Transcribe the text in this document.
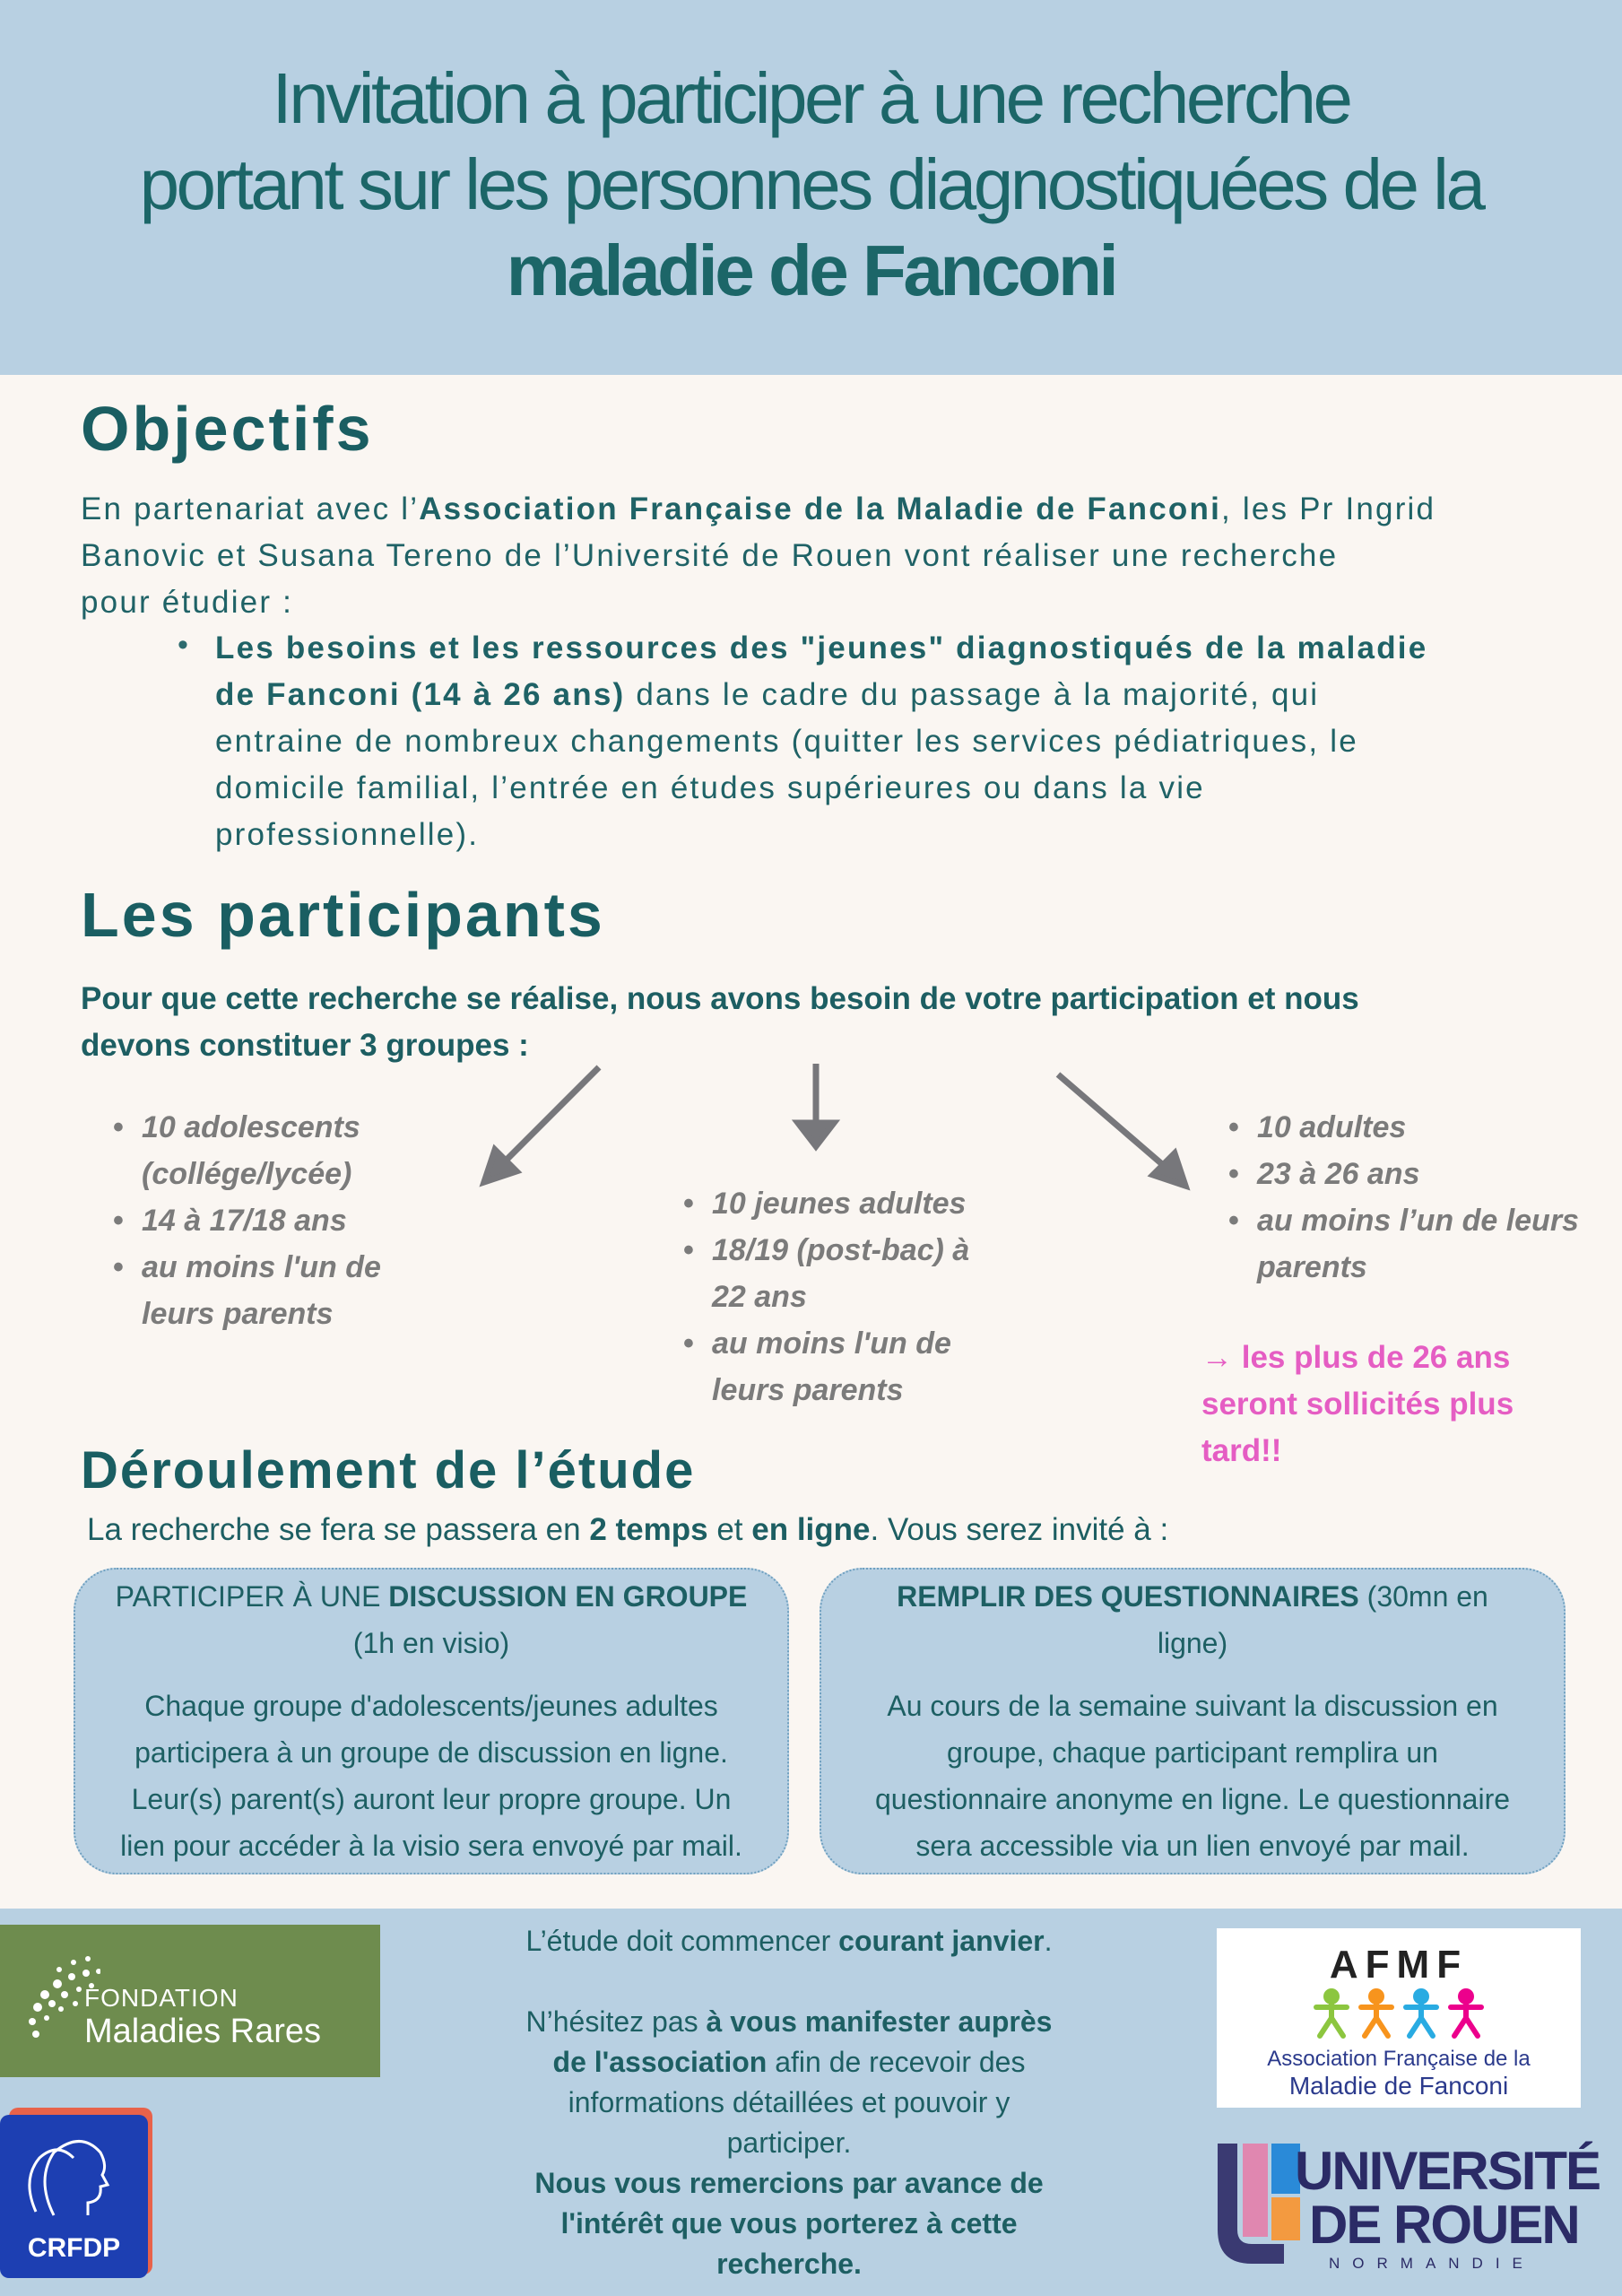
Invitation à participer à une recherche
portant sur les personnes diagnostiquées de la
maladie de Fanconi
Objectifs
En partenariat avec l’Association Française de la Maladie de Fanconi, les Pr Ingrid
Banovic et Susana Tereno de l’Université de Rouen vont réaliser une recherche
pour étudier :
• Les besoins et les ressources des "jeunes" diagnostiqués de la maladie
de Fanconi (14 à 26 ans) dans le cadre du passage à la majorité, qui
entraine de nombreux changements (quitter les services pédiatriques, le
domicile familial, l’entrée en études supérieures ou dans la vie
professionnelle).
Les participants
Pour que cette recherche se réalise, nous avons besoin de votre participation et nous
devons constituer 3 groupes :
• 10 adolescents
(collége/lycée)
• 14 à 17/18 ans
• au moins l'un de
leurs parents
• 10 jeunes adultes
• 18/19 (post-bac) à
22 ans
• au moins l'un de
leurs parents
• 10 adultes
• 23 à 26 ans
• au moins l’un de leurs
parents
→ les plus de 26 ans
seront sollicités plus
tard!!
Déroulement de l’étude
La recherche se fera se passera en 2 temps et en ligne. Vous serez invité à :
PARTICIPER À UNE DISCUSSION EN GROUPE
(1h en visio)
Chaque groupe d'adolescents/jeunes adultes
participera à un groupe de discussion en ligne.
Leur(s) parent(s) auront leur propre groupe. Un
lien pour accéder à la visio sera envoyé par mail.
REMPLIR DES QUESTIONNAIRES (30mn en
ligne)
Au cours de la semaine suivant la discussion en
groupe, chaque participant remplira un
questionnaire anonyme en ligne. Le questionnaire
sera accessible via un lien envoyé par mail.
L’étude doit commencer courant janvier.
N’hésitez pas à vous manifester auprès
de l'association afin de recevoir des
informations détaillées et pouvoir y
participer.
Nous vous remercions par avance de
l'intérêt que vous porterez à cette
recherche.
FONDATION
Maladies Rares
AFMF
Association Française de la
Maladie de Fanconi
UNIVERSITÉ
DE ROUEN
NORMANDIE
CRFDP
